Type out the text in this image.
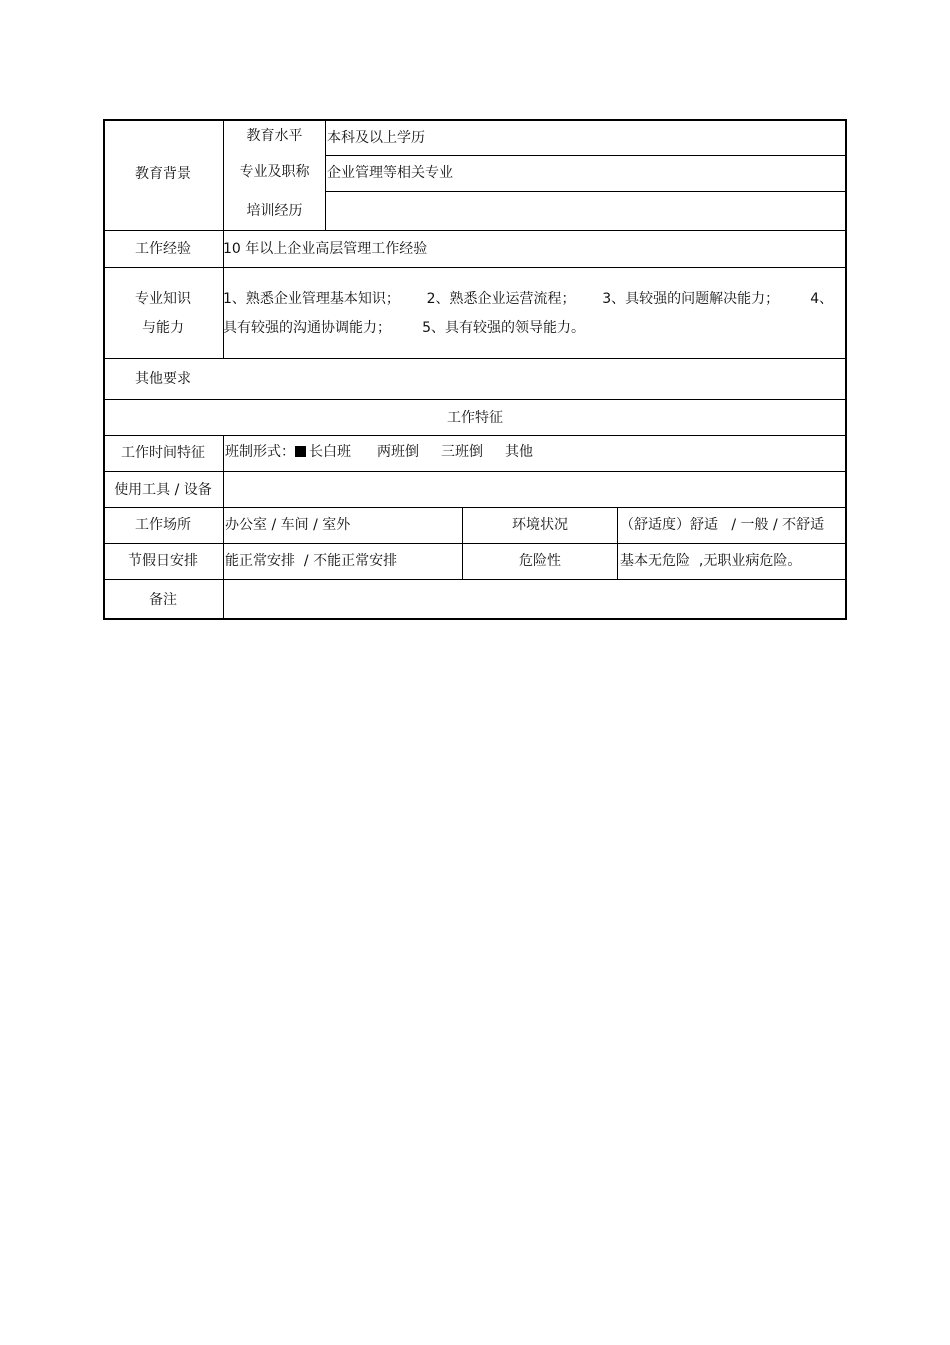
教育背景
教育水平	本科及以上学历
专业及职称	企业管理等相关专业
培训经历
工作经验	10 年以上企业高层管理工作经验
专业知识
与能力
1、熟悉企业管理基本知识；      2、熟悉企业运营流程；      3、具较强的问题解决能力；       4、
具有较强的沟通协调能力；       5、具有较强的领导能力。
其他要求
工作特征
工作时间特征	班制形式： 长白班 两班倒 三班倒 其他
使用工具 / 设备
工作场所	办公室 / 车间 / 室外	环境状况	（舒适度）舒适   / 一般 / 不舒适
节假日安排	能正常安排  / 不能正常安排	危险性	基本无危险  ,无职业病危险。
备注
